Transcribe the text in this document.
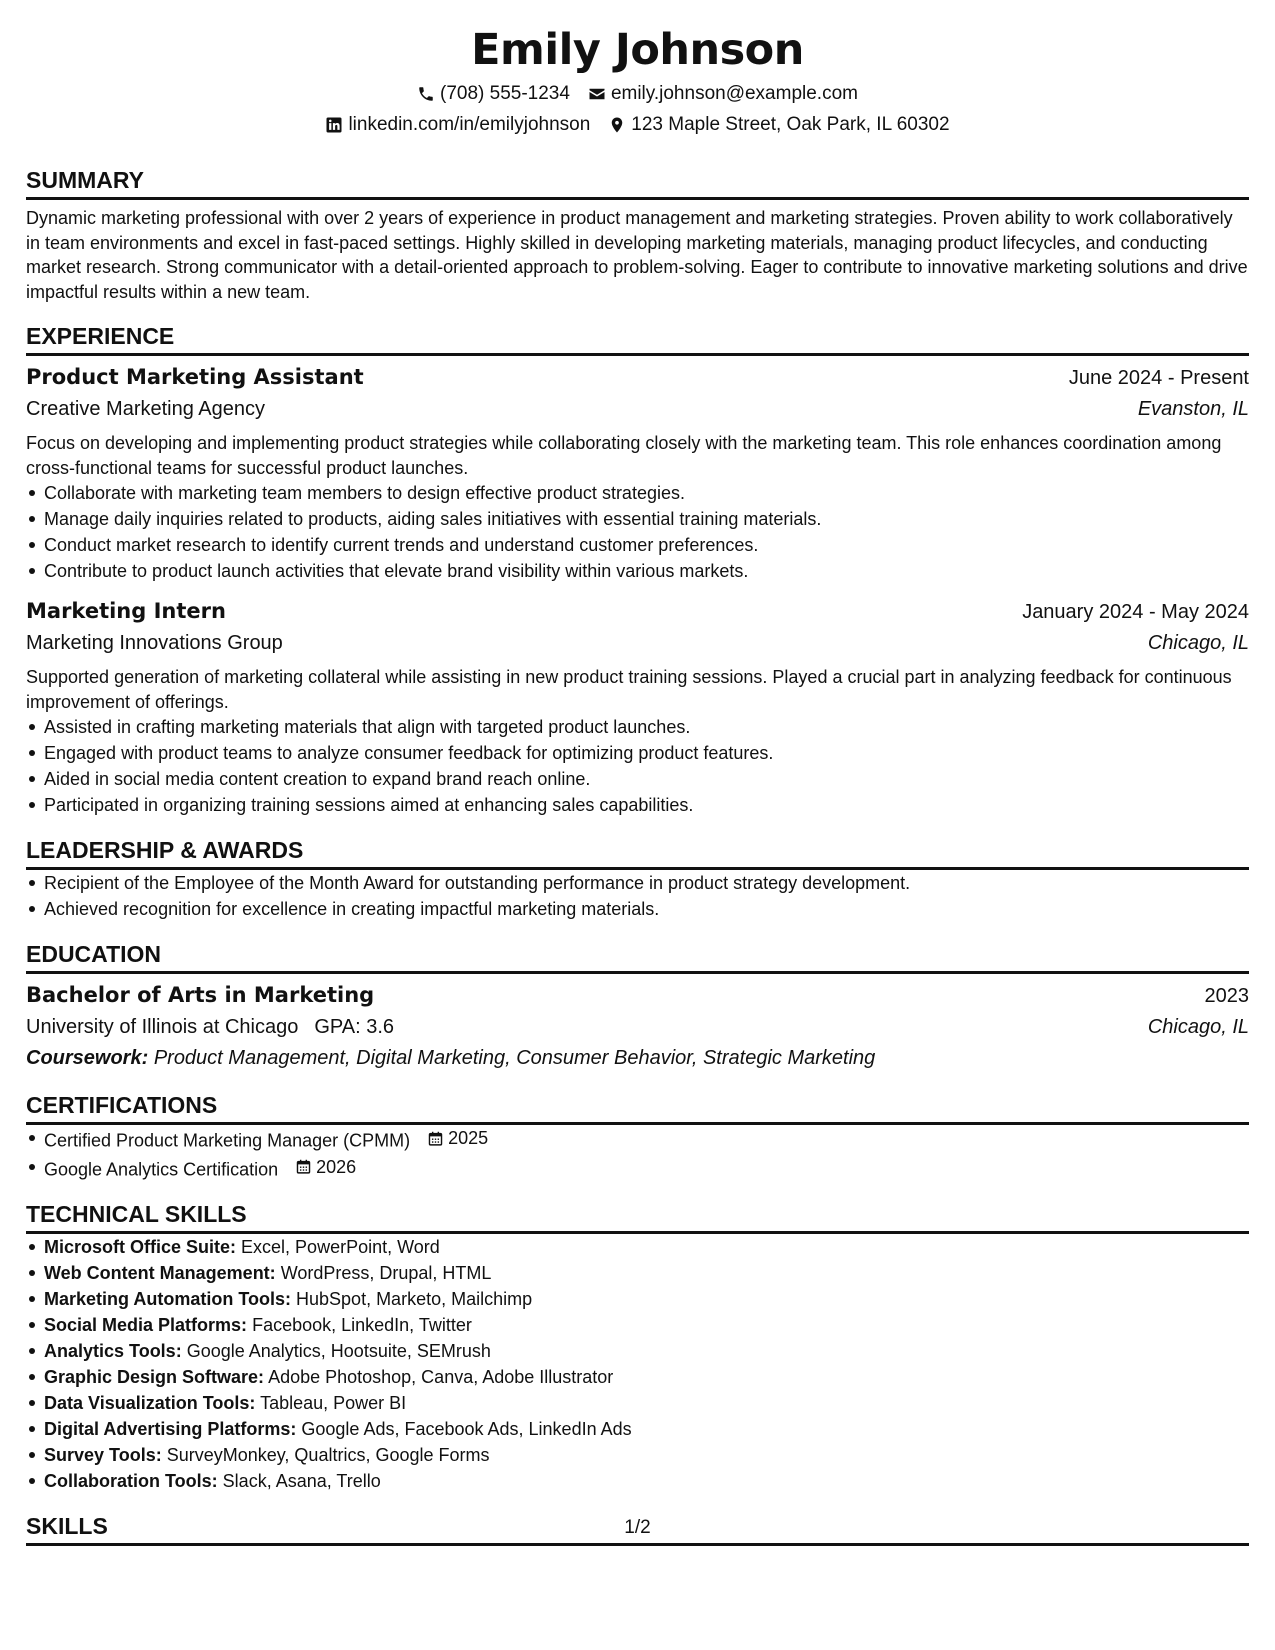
Emily Johnson
(708) 555-1234 emily.johnson@example.com
linkedin.com/in/emilyjohnson 123 Maple Street, Oak Park, IL 60302
SUMMARY

Dynamic marketing professional with over 2 years of experience in product management and marketing strategies. Proven ability to work collaboratively in team environments and excel in fast-paced settings. Highly skilled in developing marketing materials, managing product lifecycles, and conducting market research. Strong communicator with a detail-oriented approach to problem-solving. Eager to contribute to innovative marketing solutions and drive impactful results within a new team.

EXPERIENCE
Product Marketing Assistant	June 2024 - Present
Creative Marketing Agency	Evanston, IL
Focus on developing and implementing product strategies while collaborating closely with the marketing team. This role enhances coordination among cross-functional teams for successful product launches.
Collaborate with marketing team members to design effective product strategies.
Manage daily inquiries related to products, aiding sales initiatives with essential training materials.
Conduct market research to identify current trends and understand customer preferences.
Contribute to product launch activities that elevate brand visibility within various markets.
Marketing Intern	January 2024 - May 2024
Marketing Innovations Group	Chicago, IL
Supported generation of marketing collateral while assisting in new product training sessions. Played a crucial part in analyzing feedback for continuous improvement of offerings.
Assisted in crafting marketing materials that align with targeted product launches.
Engaged with product teams to analyze consumer feedback for optimizing product features.
Aided in social media content creation to expand brand reach online.
Participated in organizing training sessions aimed at enhancing sales capabilities.
LEADERSHIP & AWARDS
Recipient of the Employee of the Month Award for outstanding performance in product strategy development.
Achieved recognition for excellence in creating impactful marketing materials.
EDUCATION
Bachelor of Arts in Marketing	2023
University of Illinois at Chicago GPA: 3.6	Chicago, IL
Coursework: Product Management, Digital Marketing, Consumer Behavior, Strategic Marketing
CERTIFICATIONS
Certified Product Marketing Manager (CPMM) 2025
Google Analytics Certification 2026
TECHNICAL SKILLS
Microsoft Office Suite: Excel, PowerPoint, Word
Web Content Management: WordPress, Drupal, HTML
Marketing Automation Tools: HubSpot, Marketo, Mailchimp
Social Media Platforms: Facebook, LinkedIn, Twitter
Analytics Tools: Google Analytics, Hootsuite, SEMrush
Graphic Design Software: Adobe Photoshop, Canva, Adobe Illustrator
Data Visualization Tools: Tableau, Power BI
Digital Advertising Platforms: Google Ads, Facebook Ads, LinkedIn Ads
Survey Tools: SurveyMonkey, Qualtrics, Google Forms
Collaboration Tools: Slack, Asana, Trello
SKILLS	1/2
